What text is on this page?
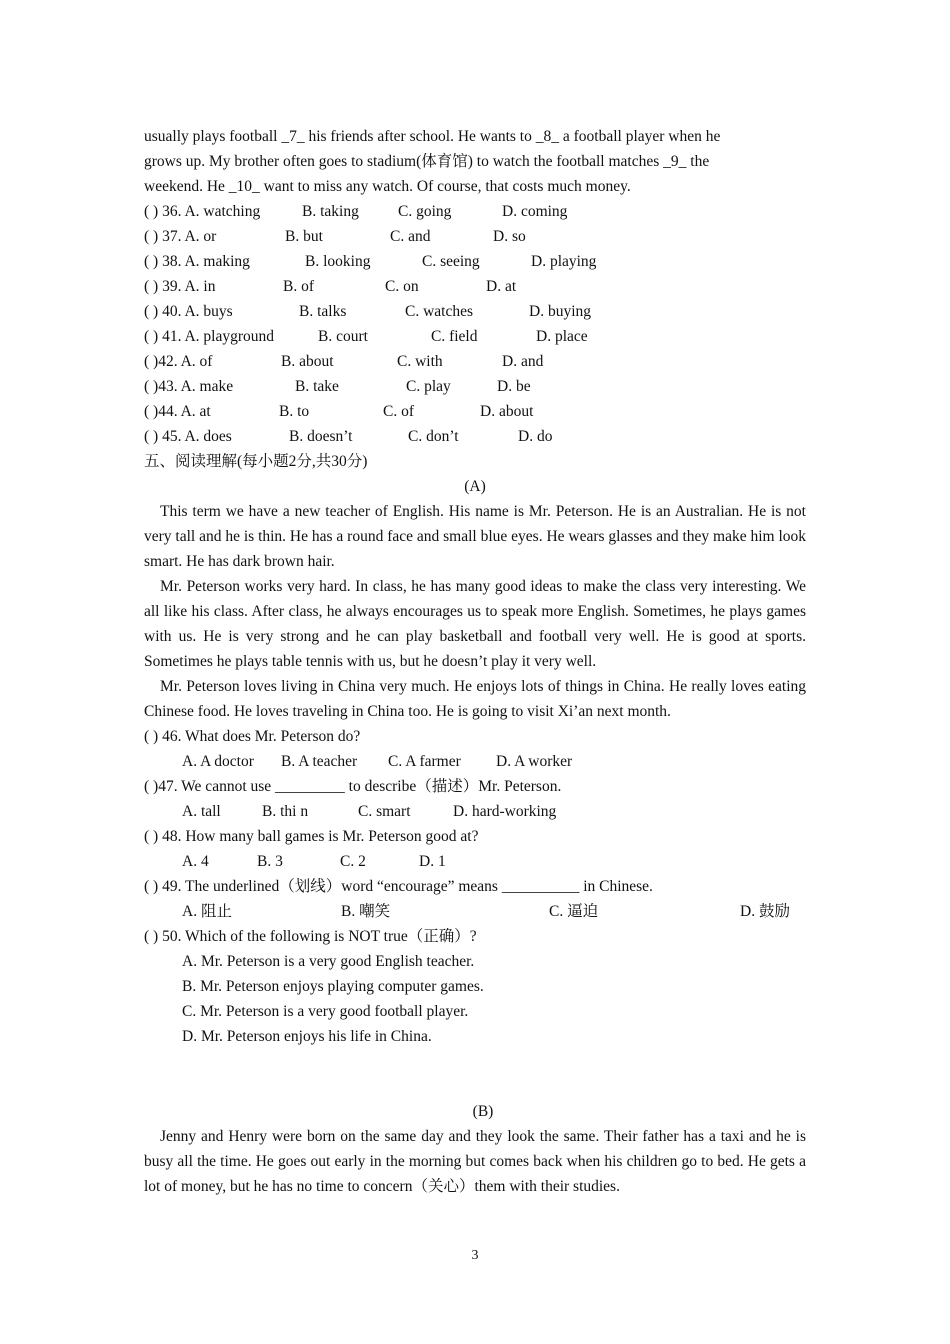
usually plays football _7_ his friends after school. He wants to _8_ a football player when he
grows up. My brother often goes to stadium(体育馆) to watch the football matches _9_ the
weekend. He _10_ want to miss any watch. Of course, that costs much money.
( ) 36. A. watching	B. taking	C. going	D. coming
( ) 37. A. or	B. but	C. and	D. so
( ) 38. A. making	B. looking	C. seeing	D. playing
( ) 39. A. in	B. of	C. on	D. at
( ) 40. A. buys	B. talks	C. watches	D. buying
( ) 41. A. playground	B. court	C. field	D. place
( )42. A. of	B. about	C. with	D. and
( )43. A. make	B. take	C. play	D. be
( )44. A. at	B. to	C. of	D. about
( ) 45. A. does	B. doesn’t	C. don’t	D. do
五、阅读理解(每小题2分,共30分)
(A)

This term we have a new teacher of English. His name is Mr. Peterson. He is an Australian. He is not very tall and he is thin. He has a round face and small blue eyes. He wears glasses and they make him look smart. He has dark brown hair.

Mr. Peterson works very hard. In class, he has many good ideas to make the class very interesting. We all like his class. After class, he always encourages us to speak more English. Sometimes, he plays games with us. He is very strong and he can play basketball and football very well. He is good at sports. Sometimes he plays table tennis with us, but he doesn’t play it very well.

Mr. Peterson loves living in China very much. He enjoys lots of things in China. He really loves eating Chinese food. He loves traveling in China too. He is going to visit Xi’an next month.

( ) 46. What does Mr. Peterson do?
A. A doctor	B. A teacher	C. A farmer	D. A worker
( )47. We cannot use _________ to describe（描述）Mr. Peterson.
A. tall	B. thi n	C. smart	D. hard-working
( ) 48. How many ball games is Mr. Peterson good at?
A. 4	B. 3	C. 2	D. 1
( ) 49. The underlined（划线）word “encourage” means __________ in Chinese.
A. 阻止	B. 嘲笑	C. 逼迫	D. 鼓励
( ) 50. Which of the following is NOT true（正确）?
A. Mr. Peterson is a very good English teacher.
B. Mr. Peterson enjoys playing computer games.
C. Mr. Peterson is a very good football player.
D. Mr. Peterson enjoys his life in China.
(B)

Jenny and Henry were born on the same day and they look the same. Their father has a taxi and he is busy all the time. He goes out early in the morning but comes back when his children go to bed. He gets a lot of money, but he has no time to concern（关心）them with their studies.

3
